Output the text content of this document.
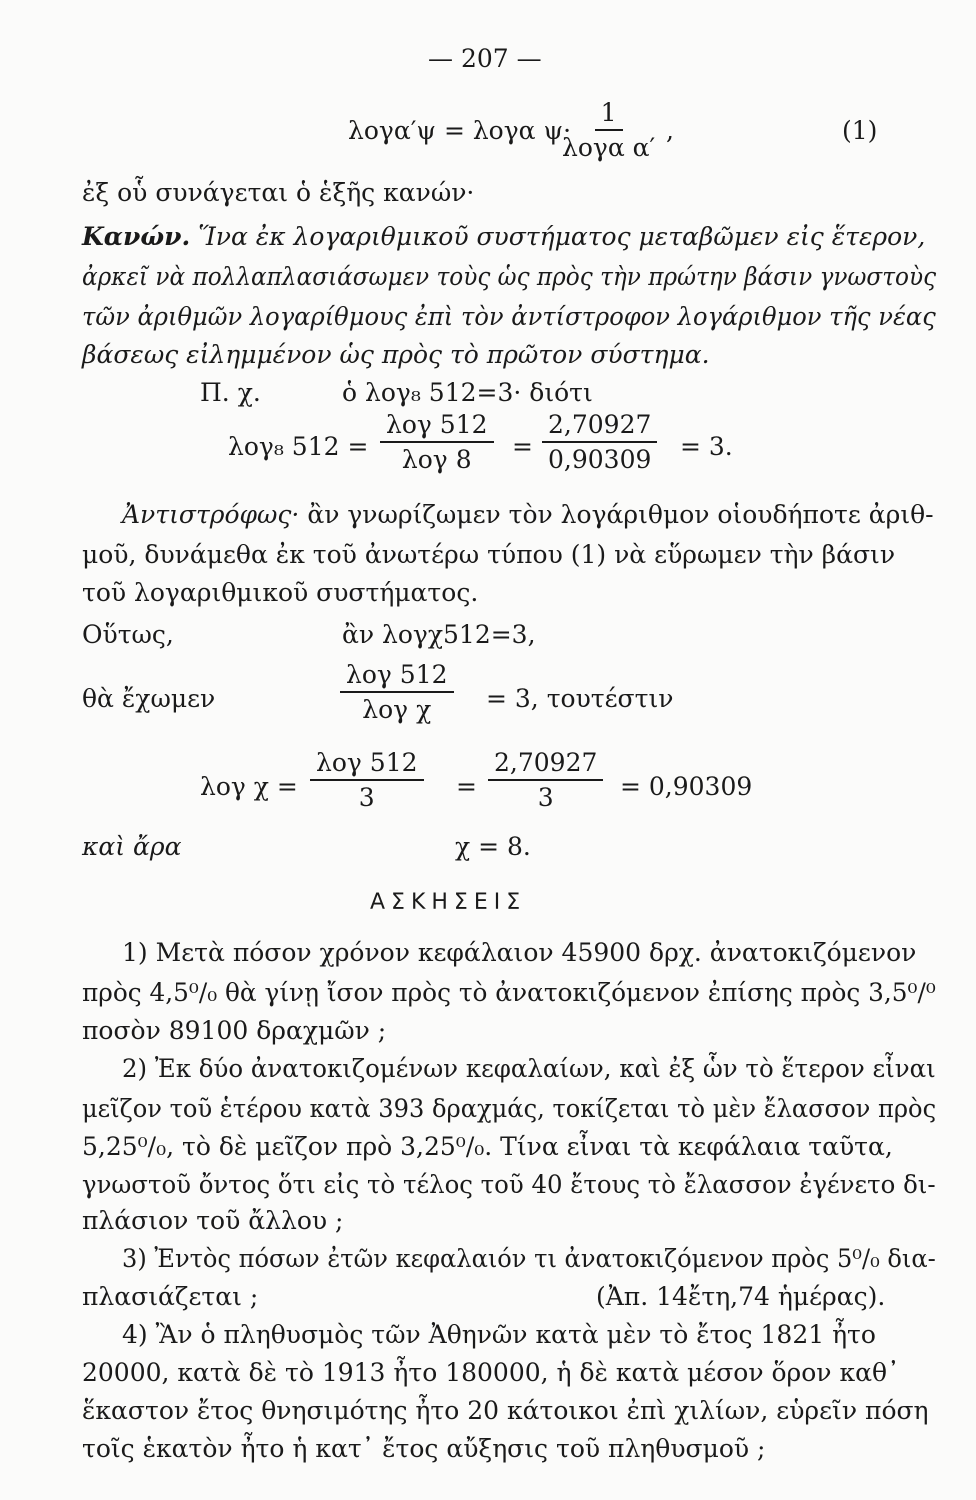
— 207 —
λογα′ψ = λογα ψ·
1
λογα α′
,	(1)
ἐξ οὗ συνάγεται ὁ ἑξῆς κανών·
Κανών. Ἵνα ἐκ λογαριθμικοῦ συστήματος μεταβῶμεν εἰς ἕτερον,
ἀρκεῖ νὰ πολλαπλασιάσωμεν τοὺς ὡς πρὸς τὴν πρώτην βάσιν γνωστοὺς
τῶν ἀριθμῶν λογαρίθμους ἐπὶ τὸν ἀντίστροφον λογάριθμον τῆς νέας
βάσεως εἰλημμένον ὡς πρὸς τὸ πρῶτον σύστημα.
Π. χ.	ὁ λογ₈ 512=3· διότι
λογ₈ 512 =
λογ 512
λογ $8 = \frac{2,70927}{0,90309} = 3$.
Ἀντιστρόφως· ἂν γνωρίζωμεν τὸν λογάριθμον οἱουδήποτε ἀριθ-
μοῦ, δυνάμεθα ἐκ τοῦ ἀνωτέρω τύπου (1) νὰ εὕρωμεν τὴν βάσιν
τοῦ λογαριθμικοῦ συστήματος.
Οὕτως,	ἂν λογχ512=3,
θὰ ἔχωμεν
λογ 512
λογ χ = 3, τουτέστιν
λογ χ =
λογ 512
3	= $\frac{2,70927}{3} = 0,90309$
καὶ ἄρα	χ = 8.
ΑΣΚΗΣΕΙΣ
1) Μετὰ πόσον χρόνον κεφάλαιον 45900 δρχ. ἀνατοκιζόμενον
πρὸς 4,5⁰/₀ θὰ γίνῃ ἴσον πρὸς τὸ ἀνατοκιζόμενον ἐπίσης πρὸς 3,5⁰/⁰
ποσὸν 89100 δραχμῶν ;
2) Ἐκ δύο ἀνατοκιζομένων κεφαλαίων, καὶ ἐξ ὧν τὸ ἕτερον εἶναι
μεῖζον τοῦ ἑτέρου κατὰ 393 δραχμάς, τοκίζεται τὸ μὲν ἔλασσον πρὸς
5,25⁰/₀, τὸ δὲ μεῖζον πρὸ 3,25⁰/₀. Τίνα εἶναι τὰ κεφάλαια ταῦτα,
γνωστοῦ ὄντος ὅτι εἰς τὸ τέλος τοῦ 40 ἔτους τὸ ἔλασσον ἐγένετο δι-
πλάσιον τοῦ ἄλλου ;
3) Ἐντὸς πόσων ἐτῶν κεφαλαιόν τι ἀνατοκιζόμενον πρὸς 5⁰/₀ δια-
πλασιάζεται ;	(Ἀπ. 14ἔτη,74 ἡμέρας).
4) Ἂν ὁ πληθυσμὸς τῶν Ἀθηνῶν κατὰ μὲν τὸ ἔτος 1821 ἦτο
20000, κατὰ δὲ τὸ 1913 ἦτο 180000, ἡ δὲ κατὰ μέσον ὅρον καθ᾽
ἕκαστον ἔτος θνησιμότης ἦτο 20 κάτοικοι ἐπὶ χιλίων, εὑρεῖν πόση
τοῖς ἑκατὸν ἦτο ἡ κατ᾽ ἔτος αὔξησις τοῦ πληθυσμοῦ ;
